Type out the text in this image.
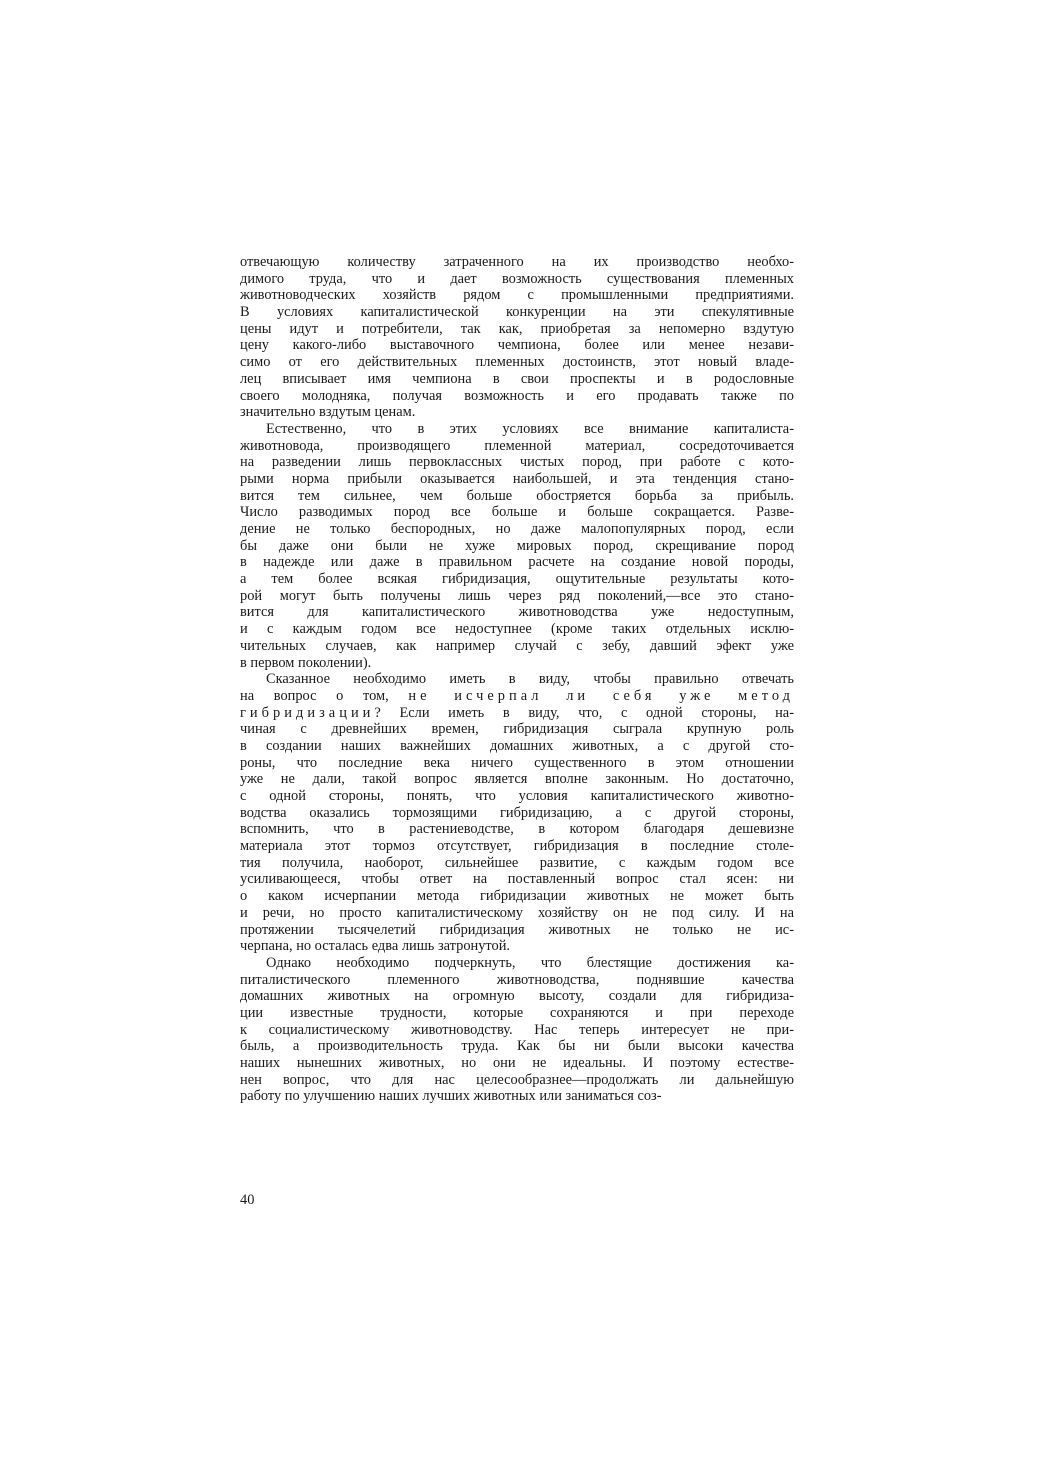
отвечающую количеству затраченного на их производство необхо-
димого труда, что и дает возможность существования племенных
животноводческих хозяйств рядом с промышленными предприятиями.
В условиях капиталистической конкуренции на эти спекулятивные
цены идут и потребители, так как, приобретая за непомерно вздутую
цену какого-либо выставочного чемпиона, более или менее незави-
симо от его действительных племенных достоинств, этот новый владе-
лец вписывает имя чемпиона в свои проспекты и в родословные
своего молодняка, получая возможность и его продавать также по
значительно вздутым ценам.
Естественно, что в этих условиях все внимание капиталиста-
животновода, производящего племенной материал, сосредоточивается
на разведении лишь первоклассных чистых пород, при работе с кото-
рыми норма прибыли оказывается наибольшей, и эта тенденция стано-
вится тем сильнее, чем больше обостряется борьба за прибыль.
Число разводимых пород все больше и больше сокращается. Разве-
дение не только беспородных, но даже малопопулярных пород, если
бы даже они были не хуже мировых пород, скрещивание пород
в надежде или даже в правильном расчете на создание новой породы,
а тем более всякая гибридизация, ощутительные результаты кото-
рой могут быть получены лишь через ряд поколений,—все это стано-
вится для капиталистического животноводства уже недоступным,
и с каждым годом все недоступнее (кроме таких отдельных исклю-
чительных случаев, как например случай с зебу, давший эфект уже
в первом поколении).
Сказанное необходимо иметь в виду, чтобы правильно отвечать
на вопрос о том, не исчерпал ли себя уже метод
гибридизации? Если иметь в виду, что, с одной стороны, на-
чиная с древнейших времен, гибридизация сыграла крупную роль
в создании наших важнейших домашних животных, а с другой сто-
роны, что последние века ничего существенного в этом отношении
уже не дали, такой вопрос является вполне законным. Но достаточно,
с одной стороны, понять, что условия капиталистического животно-
водства оказались тормозящими гибридизацию, а с другой стороны,
вспомнить, что в растениеводстве, в котором благодаря дешевизне
материала этот тормоз отсутствует, гибридизация в последние столе-
тия получила, наоборот, сильнейшее развитие, с каждым годом все
усиливающееся, чтобы ответ на поставленный вопрос стал ясен: ни
о каком исчерпании метода гибридизации животных не может быть
и речи, но просто капиталистическому хозяйству он не под силу. И на
протяжении тысячелетий гибридизация животных не только не ис-
черпана, но осталась едва лишь затронутой.
Однако необходимо подчеркнуть, что блестящие достижения ка-
питалистического племенного животноводства, поднявшие качества
домашних животных на огромную высоту, создали для гибридиза-
ции известные трудности, которые сохраняются и при переходе
к социалистическому животноводству. Нас теперь интересует не при-
быль, а производительность труда. Как бы ни были высоки качества
наших нынешних животных, но они не идеальны. И поэтому естестве-
нен вопрос, что для нас целесообразнее—продолжать ли дальнейшую
работу по улучшению наших лучших животных или заниматься соз-
40
